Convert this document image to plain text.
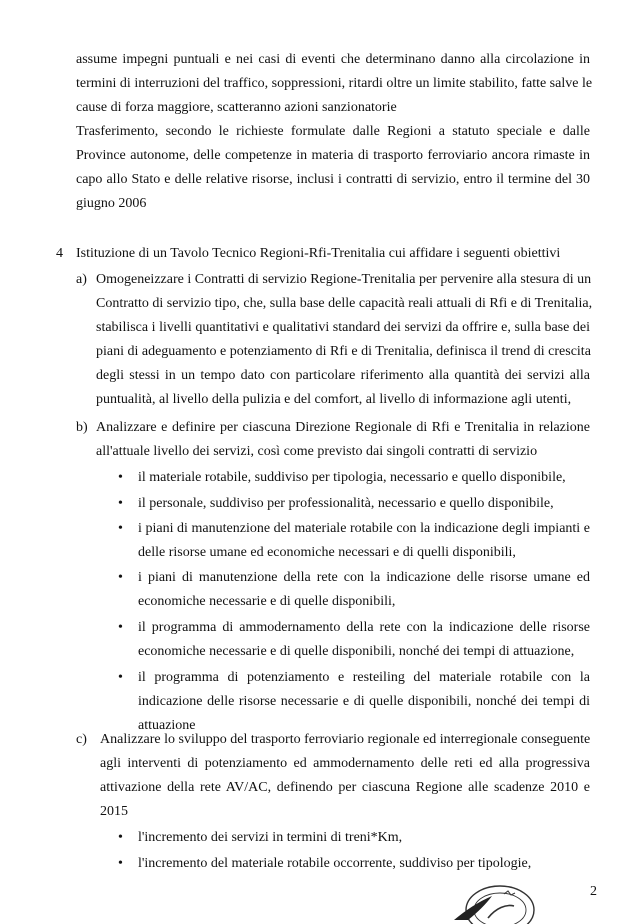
assume impegni puntuali e nei casi di eventi che determinano danno alla circolazione in
termini di interruzioni del traffico, soppressioni, ritardi oltre un limite stabilito, fatte salve le
cause di forza maggiore, scatteranno azioni sanzionatorie
Trasferimento, secondo le richieste formulate dalle Regioni a statuto speciale e dalle
Province autonome, delle competenze in materia di trasporto ferroviario ancora rimaste in
capo allo Stato e delle relative risorse, inclusi i contratti di servizio, entro il termine del 30
giugno 2006
4 Istituzione di un Tavolo Tecnico Regioni-Rfi-Trenitalia cui affidare i seguenti obiettivi
a) Omogeneizzare i Contratti di servizio Regione-Trenitalia per pervenire alla stesura di un
Contratto di servizio tipo, che, sulla base delle capacità reali attuali di Rfi e di Trenitalia,
stabilisca i livelli quantitativi e qualitativi standard dei servizi da offrire e, sulla base dei
piani di adeguamento e potenziamento di Rfi e di Trenitalia, definisca il trend di crescita
degli stessi in un tempo dato con particolare riferimento alla quantità dei servizi alla
puntualità, al livello della pulizia e del comfort, al livello di informazione agli utenti,
b) Analizzare e definire per ciascuna Direzione Regionale di Rfi e Trenitalia in relazione
all'attuale livello dei servizi, così come previsto dai singoli contratti di servizio
• il materiale rotabile, suddiviso per tipologia, necessario e quello disponibile,
• il personale, suddiviso per professionalità, necessario e quello disponibile,
• i piani di manutenzione del materiale rotabile con la indicazione degli impianti e
delle risorse umane ed economiche necessari e di quelli disponibili,
• i piani di manutenzione della rete con la indicazione delle risorse umane ed
economiche necessarie e di quelle disponibili,
• il programma di ammodernamento della rete con la indicazione delle risorse
economiche necessarie e di quelle disponibili, nonché dei tempi di attuazione,
• il programma di potenziamento e resteiling del materiale rotabile con la
indicazione delle risorse necessarie e di quelle disponibili, nonché dei tempi di
attuazione
c) Analizzare lo sviluppo del trasporto ferroviario regionale ed interregionale conseguente
agli interventi di potenziamento ed ammodernamento delle reti ed alla progressiva
attivazione della rete AV/AC, definendo per ciascuna Regione alle scadenze 2010 e
2015
• l'incremento dei servizi in termini di treni*Km,
• l'incremento del materiale rotabile occorrente, suddiviso per tipologie,
2
